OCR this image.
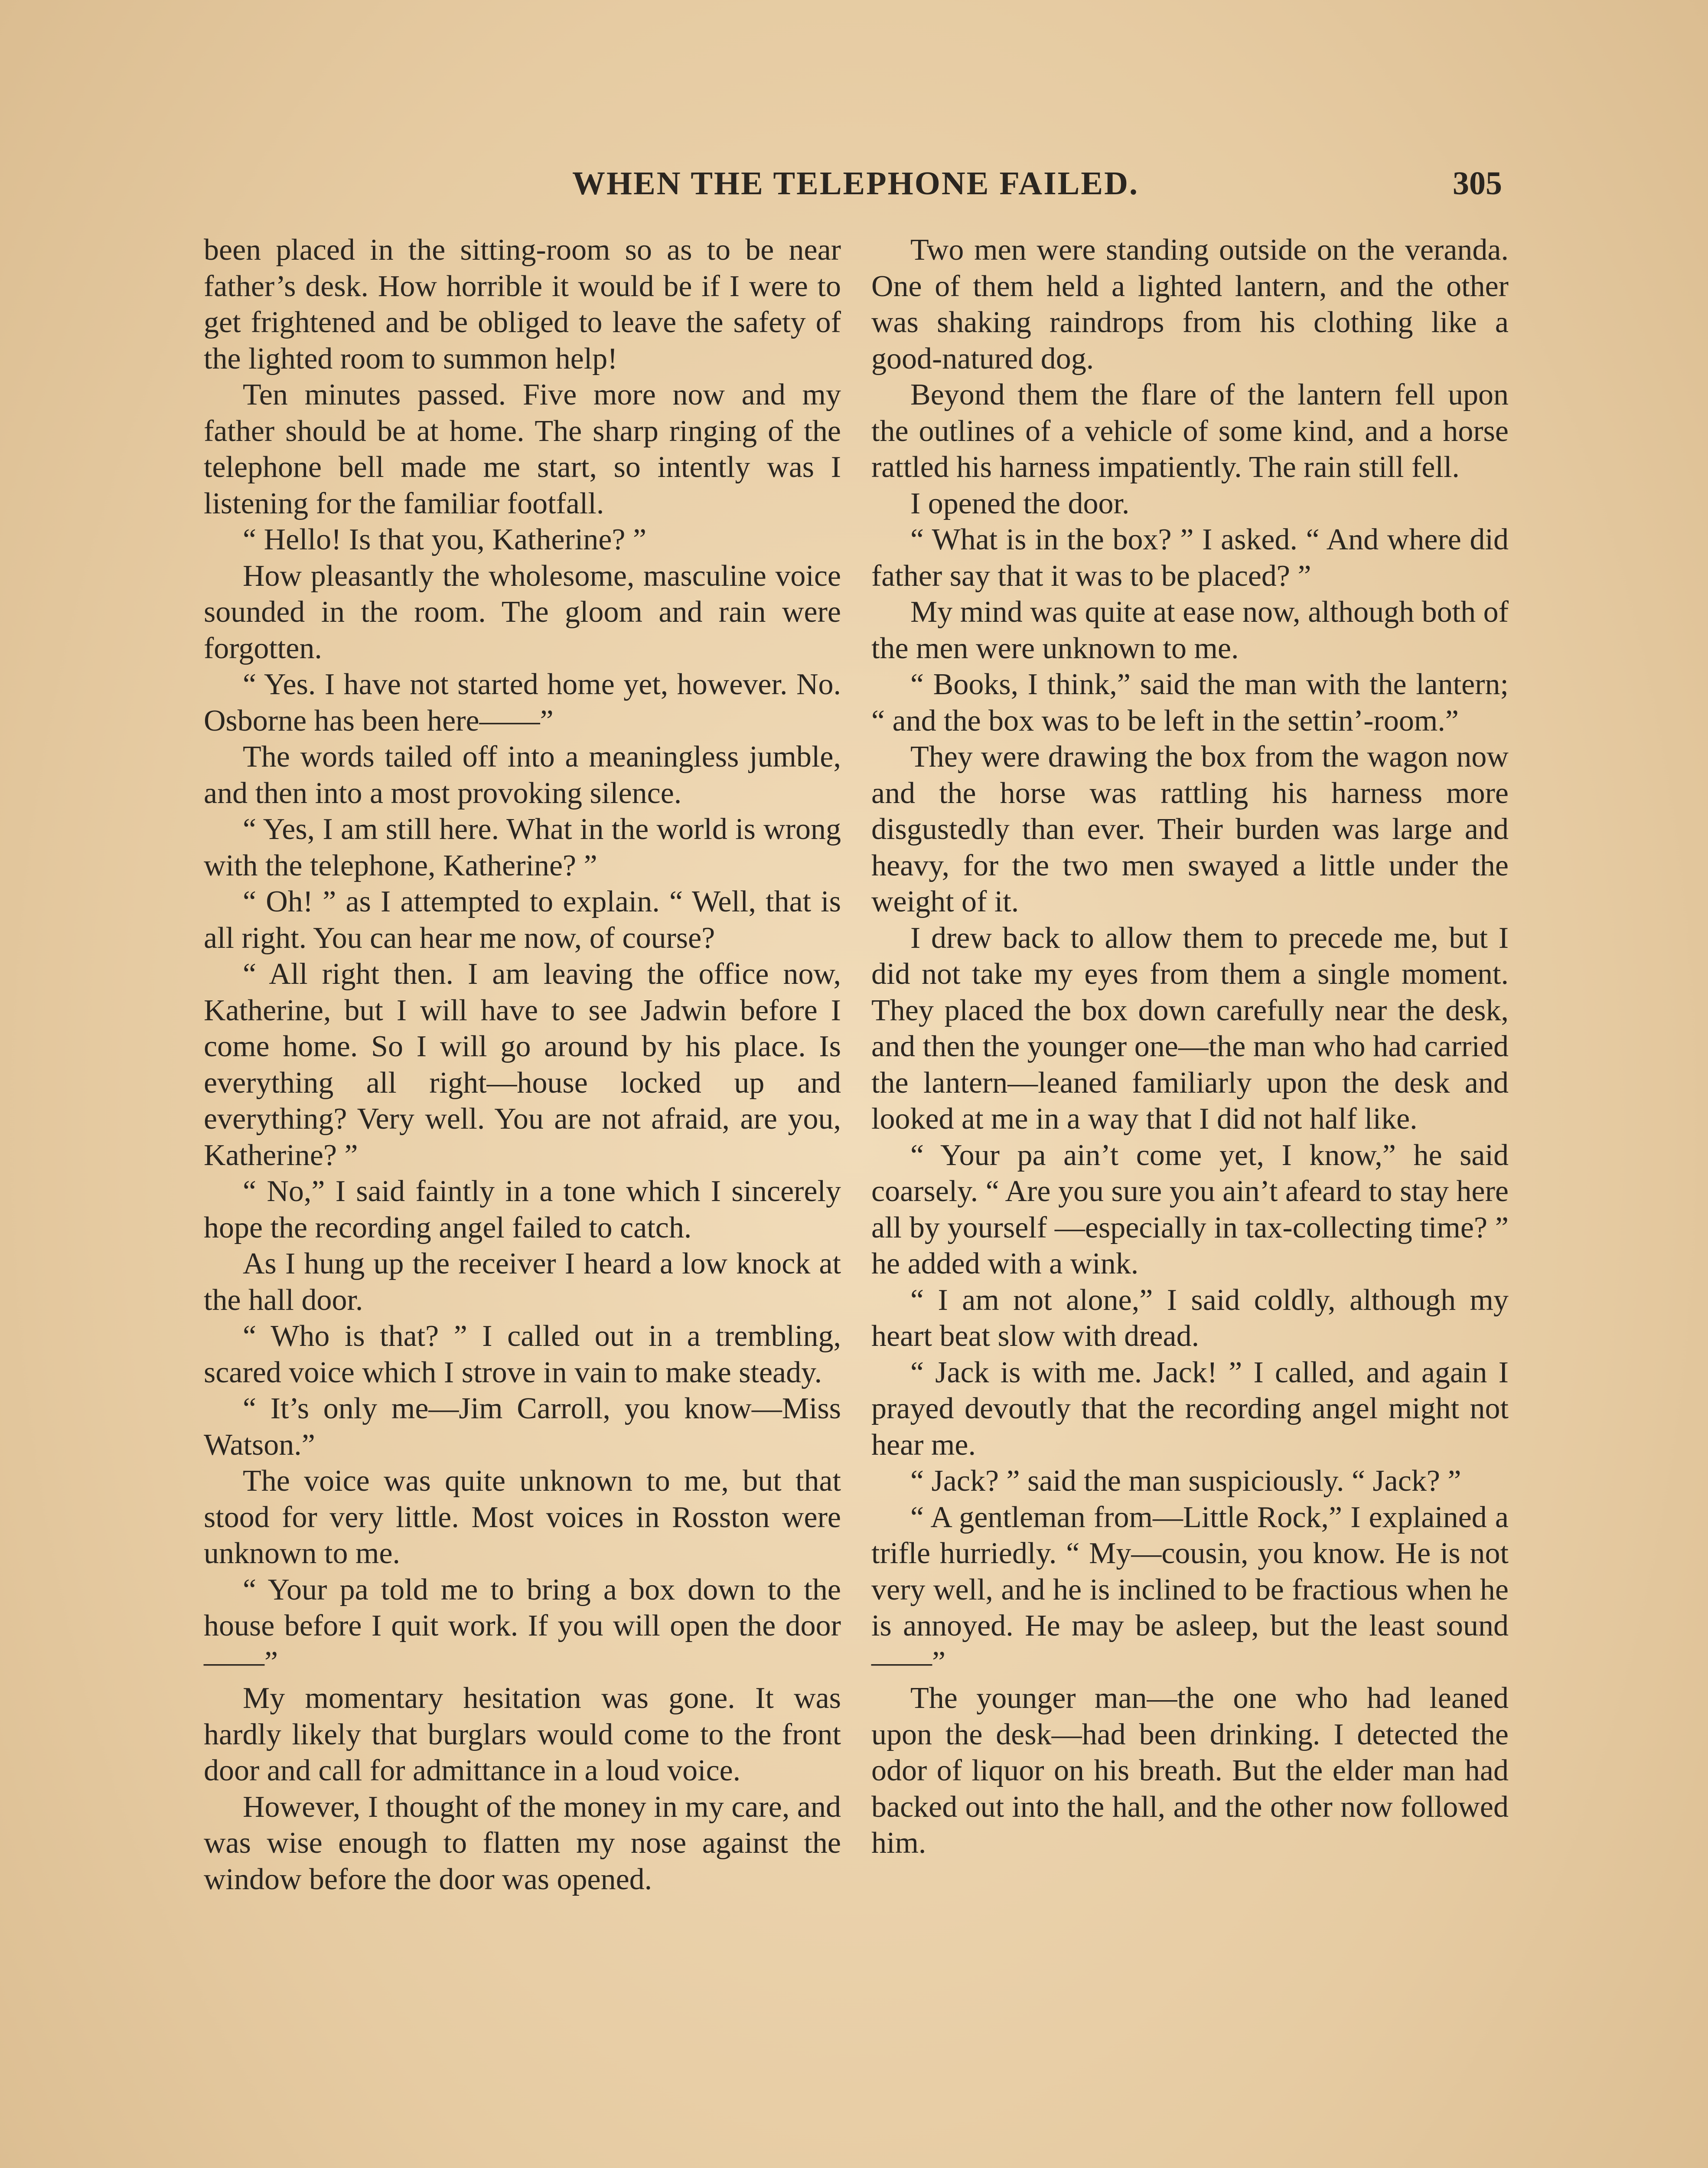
WHEN THE TELEPHONE FAILED.	305

been placed in the sitting-room so as to be near father’s desk. How horrible it would be if I were to get frightened and be obliged to leave the safety of the lighted room to summon help!

Ten minutes passed. Five more now and my father should be at home. The sharp ringing of the telephone bell made me start, so intently was I listening for the familiar footfall.

“ Hello! Is that you, Katherine? ”

How pleasantly the wholesome, masculine voice sounded in the room. The gloom and rain were forgotten.

“ Yes. I have not started home yet, however. No. Osborne has been here——”

The words tailed off into a meaningless jumble, and then into a most provoking silence.

“ Yes, I am still here. What in the world is wrong with the telephone, Katherine? ”

“ Oh! ” as I attempted to explain. “ Well, that is all right. You can hear me now, of course?

“ All right then. I am leaving the office now, Katherine, but I will have to see Jadwin before I come home. So I will go around by his place. Is everything all right—house locked up and everything? Very well. You are not afraid, are you, Katherine? ”

“ No,” I said faintly in a tone which I sincerely hope the recording angel failed to catch.

As I hung up the receiver I heard a low knock at the hall door.

“ Who is that? ” I called out in a trembling, scared voice which I strove in vain to make steady.

“ It’s only me—Jim Carroll, you know—Miss Watson.”

The voice was quite unknown to me, but that stood for very little. Most voices in Rosston were unknown to me.

“ Your pa told me to bring a box down to the house before I quit work. If you will open the door——”

My momentary hesitation was gone. It was hardly likely that burglars would come to the front door and call for admittance in a loud voice.

However, I thought of the money in my care, and was wise enough to flatten my nose against the window before the door was opened.

Two men were standing outside on the veranda. One of them held a lighted lantern, and the other was shaking raindrops from his clothing like a good-natured dog.

Beyond them the flare of the lantern fell upon the outlines of a vehicle of some kind, and a horse rattled his harness impatiently. The rain still fell.

I opened the door.

“ What is in the box? ” I asked. “ And where did father say that it was to be placed? ”

My mind was quite at ease now, although both of the men were unknown to me.

“ Books, I think,” said the man with the lantern; “ and the box was to be left in the settin’-room.”

They were drawing the box from the wagon now and the horse was rattling his harness more disgustedly than ever. Their burden was large and heavy, for the two men swayed a little under the weight of it.

I drew back to allow them to precede me, but I did not take my eyes from them a single moment. They placed the box down carefully near the desk, and then the younger one—the man who had carried the lantern—leaned familiarly upon the desk and looked at me in a way that I did not half like.

“ Your pa ain’t come yet, I know,” he said coarsely. “ Are you sure you ain’t afeard to stay here all by yourself —especially in tax-collecting time? ” he added with a wink.

“ I am not alone,” I said coldly, although my heart beat slow with dread.

“ Jack is with me. Jack! ” I called, and again I prayed devoutly that the recording angel might not hear me.

“ Jack? ” said the man suspiciously. “ Jack? ”

“ A gentleman from—Little Rock,” I explained a trifle hurriedly. “ My—cousin, you know. He is not very well, and he is inclined to be fractious when he is annoyed. He may be asleep, but the least sound——”

The younger man—the one who had leaned upon the desk—had been drinking. I detected the odor of liquor on his breath. But the elder man had backed out into the hall, and the other now followed him.
